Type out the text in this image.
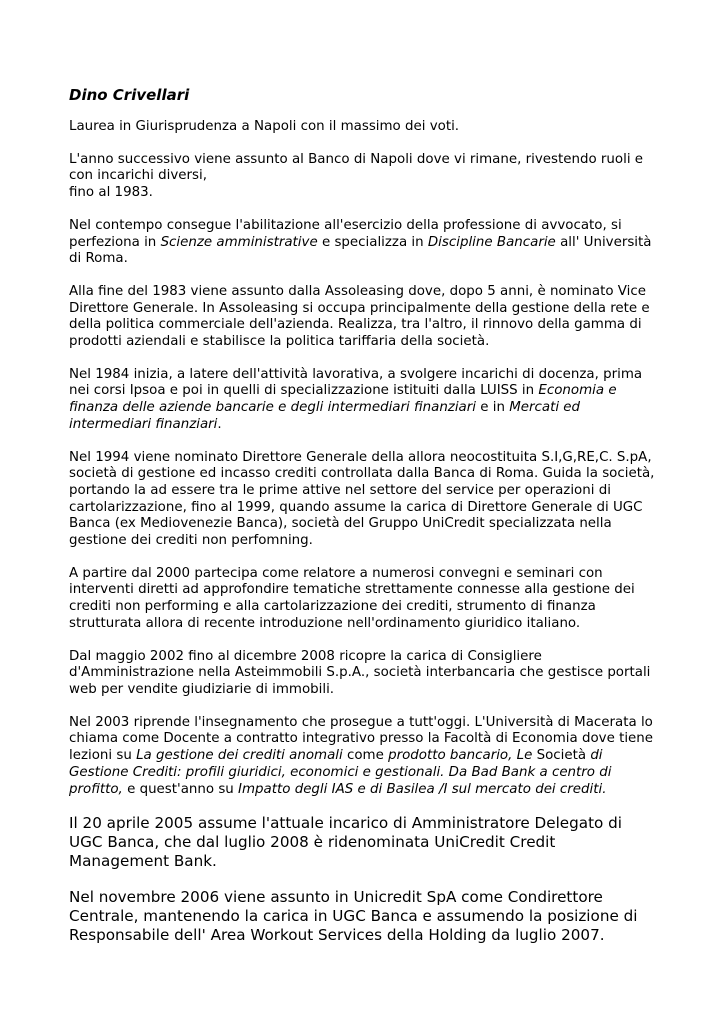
Dino Crivellari

Laurea in Giurisprudenza a Napoli con il massimo dei voti.

L'anno successivo viene assunto al Banco di Napoli dove vi rimane, rivestendo ruoli e con incarichi diversi,
fino al 1983.

Nel contempo consegue l'abilitazione all'esercizio della professione di avvocato, si perfeziona in Scienze amministrative e specializza in Discipline Bancarie all' Università di Roma.

Alla fine del 1983 viene assunto dalla Assoleasing dove, dopo 5 anni, è nominato Vice Direttore Generale. In Assoleasing si occupa principalmente della gestione della rete e della politica commerciale dell'azienda. Realizza, tra l'altro, il rinnovo della gamma di prodotti aziendali e stabilisce la politica tariffaria della società.

Nel 1984 inizia, a latere dell'attività lavorativa, a svolgere incarichi di docenza, prima nei corsi Ipsoa e poi in quelli di specializzazione istituiti dalla LUISS in Economia e finanza delle aziende bancarie e degli intermediari finanziari e in Mercati ed intermediari finanziari.

Nel 1994 viene nominato Direttore Generale della allora neocostituita S.I,G,RE,C. S.pA, società di gestione ed incasso crediti controllata dalla Banca di Roma. Guida la società, portando la ad essere tra le prime attive nel settore del service per operazioni di cartolarizzazione, fino al 1999, quando assume la carica di Direttore Generale di UGC Banca (ex Mediovenezie Banca), società del Gruppo UniCredit specializzata nella gestione dei crediti non perfomning.

A partire dal 2000 partecipa come relatore a numerosi convegni e seminari con interventi diretti ad approfondire tematiche strettamente connesse alla gestione dei crediti non performing e alla cartolarizzazione dei crediti, strumento di finanza strutturata allora di recente introduzione nell'ordinamento giuridico italiano.

Dal maggio 2002 fino al dicembre 2008 ricopre la carica di Consigliere d'Amministrazione nella Asteimmobili S.p.A., società interbancaria che gestisce portali web per vendite giudiziarie di immobili.

Nel 2003 riprende l'insegnamento che prosegue a tutt'oggi. L'Università di Macerata lo chiama come Docente a contratto integrativo presso la Facoltà di Economia dove tiene lezioni su La gestione dei crediti anomali come prodotto bancario, Le Società di Gestione Crediti: profili giuridici, economici e gestionali. Da Bad Bank a centro di profitto, e quest'anno su Impatto degli IAS e di Basilea /I sul mercato dei crediti.

Il 20 aprile 2005 assume l'attuale incarico di Amministratore Delegato di UGC Banca, che dal luglio 2008 è ridenominata UniCredit Credit Management Bank.

Nel novembre 2006 viene assunto in Unicredit SpA come Condirettore Centrale, mantenendo la carica in UGC Banca e assumendo la posizione di Responsabile dell' Area Workout Services della Holding da luglio 2007.
